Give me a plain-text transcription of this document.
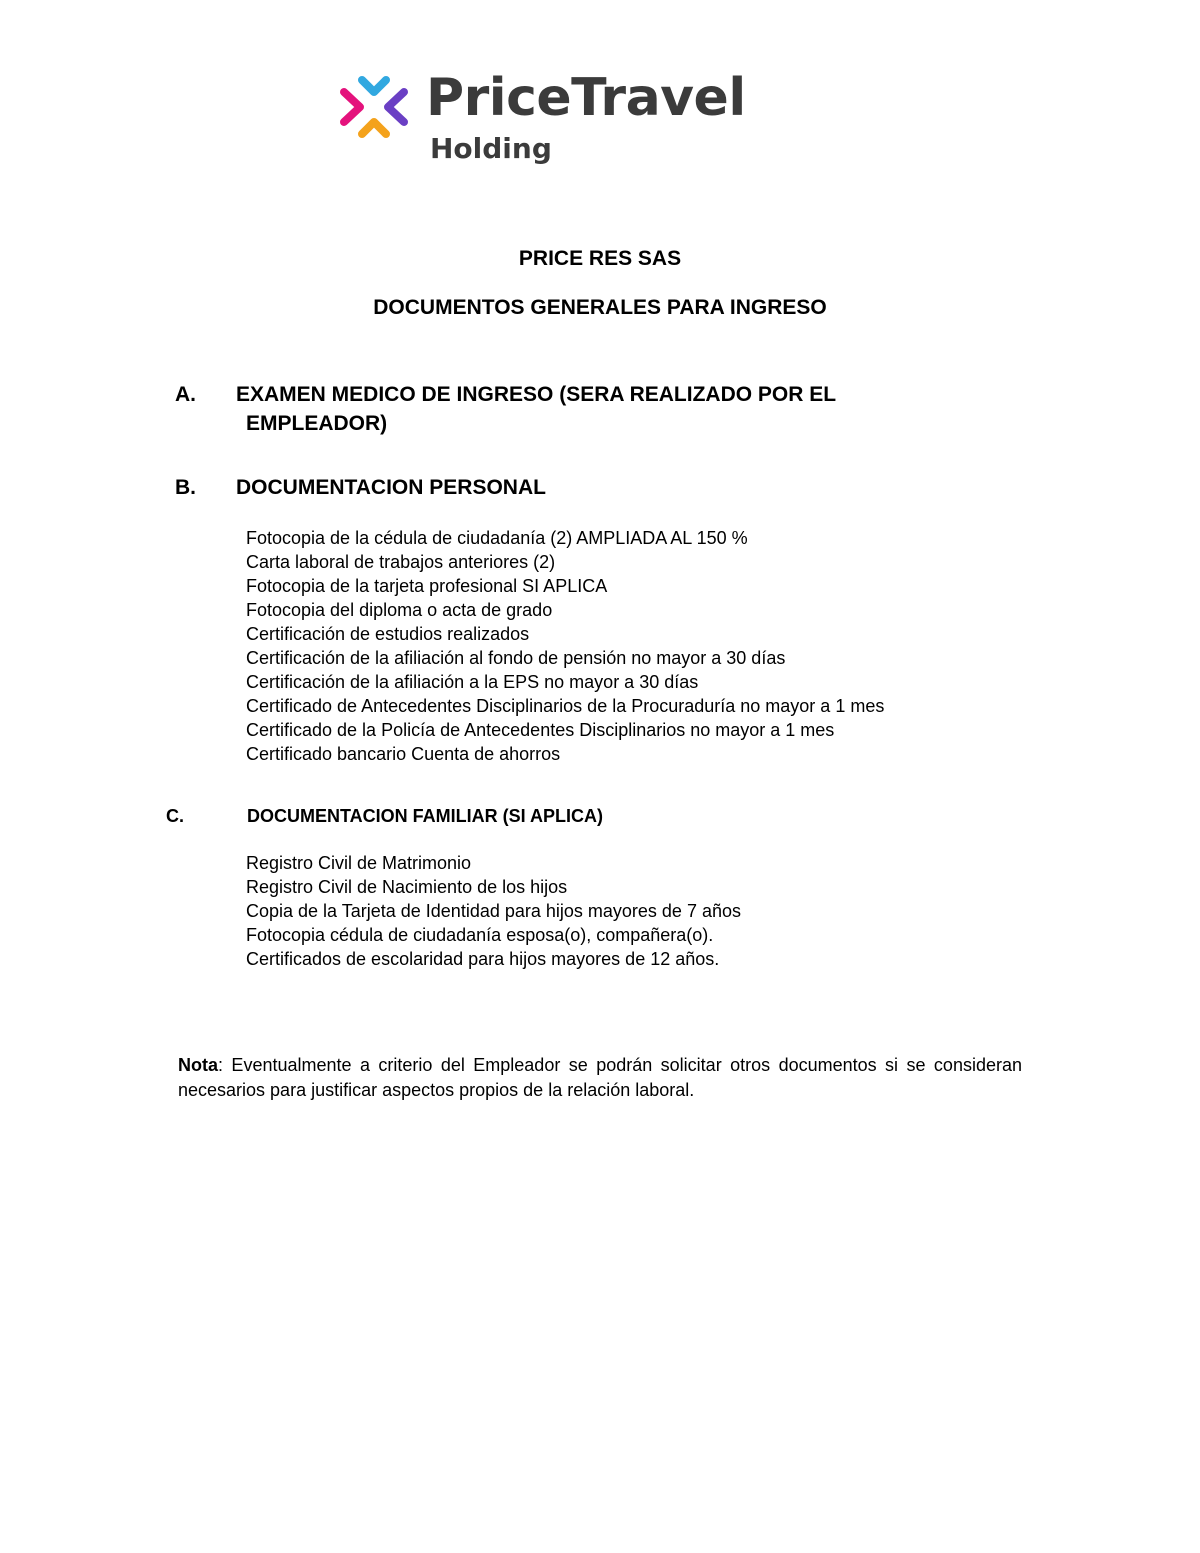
PriceTravel
Holding
PRICE RES SAS
DOCUMENTOS GENERALES PARA INGRESO
A. EXAMEN MEDICO DE INGRESO (SERA REALIZADO POR EL
EMPLEADOR)
B. DOCUMENTACION PERSONAL
Fotocopia de la cédula de ciudadanía (2) AMPLIADA AL 150 %
Carta laboral de trabajos anteriores (2)
Fotocopia de la tarjeta profesional SI APLICA
Fotocopia del diploma o acta de grado
Certificación de estudios realizados
Certificación de la afiliación al fondo de pensión no mayor a 30 días
Certificación de la afiliación a la EPS no mayor a 30 días
Certificado de Antecedentes Disciplinarios de la Procuraduría no mayor a 1 mes
Certificado de la Policía de Antecedentes Disciplinarios no mayor a 1 mes
Certificado bancario Cuenta de ahorros
C.	DOCUMENTACION FAMILIAR (SI APLICA)
Registro Civil de Matrimonio
Registro Civil de Nacimiento de los hijos
Copia de la Tarjeta de Identidad para hijos mayores de 7 años
Fotocopia cédula de ciudadanía esposa(o), compañera(o).
Certificados de escolaridad para hijos mayores de 12 años.
Nota: Eventualmente a criterio del Empleador se podrán solicitar otros documentos si se consideran necesarios para justificar aspectos propios de la relación laboral.
